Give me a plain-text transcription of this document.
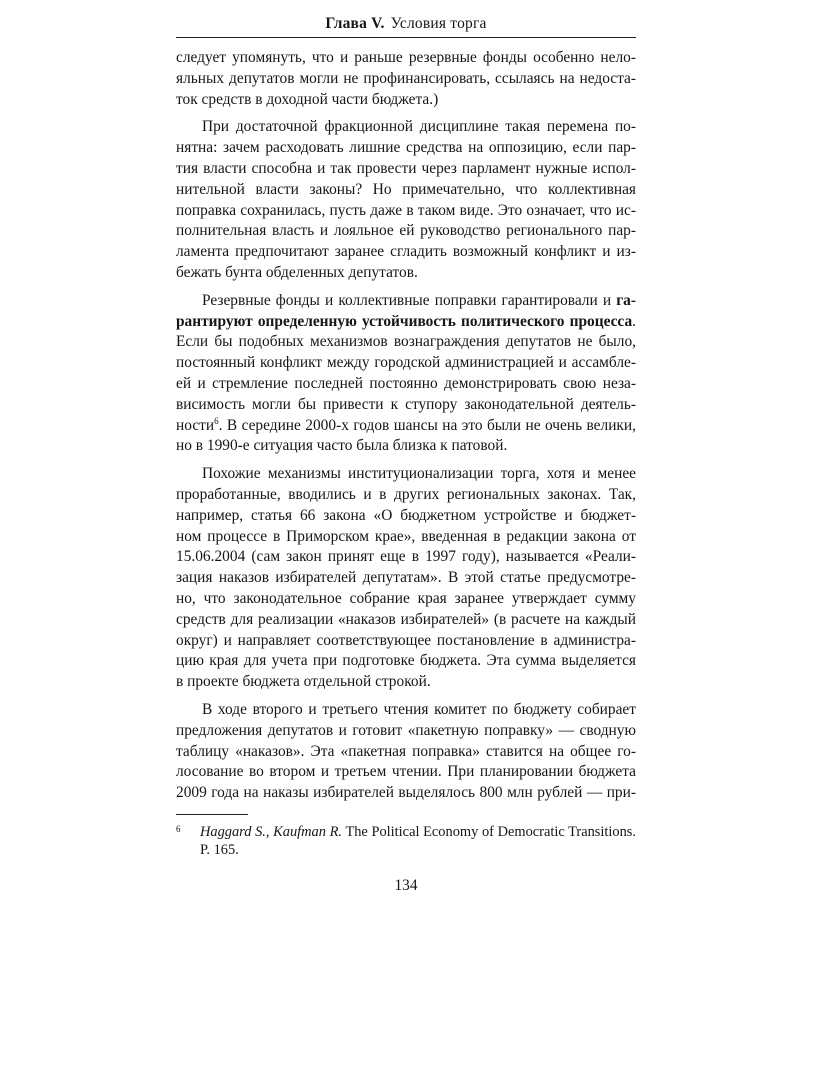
Глава V. Условия торга
следует упомянуть, что и раньше резервные фонды особенно нело-
яльных депутатов могли не профинансировать, ссылаясь на недоста-
ток средств в доходной части бюджета.)
При достаточной фракционной дисциплине такая перемена по-
нятна: зачем расходовать лишние средства на оппозицию, если пар-
тия власти способна и так провести через парламент нужные испол-
нительной власти законы? Но примечательно, что коллективная
поправка сохранилась, пусть даже в таком виде. Это означает, что ис-
полнительная власть и лояльное ей руководство регионального пар-
ламента предпочитают заранее сгладить возможный конфликт и из-
бежать бунта обделенных депутатов.
Резервные фонды и коллективные поправки гарантировали и га-
рантируют определенную устойчивость политического процесса.
Если бы подобных механизмов вознаграждения депутатов не было,
постоянный конфликт между городской администрацией и ассамбле-
ей и стремление последней постоянно демонстрировать свою неза-
висимость могли бы привести к ступору законодательной деятель-
ности$^6$. В середине 2000-х годов шансы на это были не очень велики,
но в 1990-е ситуация часто была близка к патовой.
Похожие механизмы институционализации торга, хотя и менее
проработанные, вводились и в других региональных законах. Так,
например, статья 66 закона «О бюджетном устройстве и бюджет-
ном процессе в Приморском крае», введенная в редакции закона от
15.06.2004 (сам закон принят еще в 1997 году), называется «Реали-
зация наказов избирателей депутатам». В этой статье предусмотре-
но, что законодательное собрание края заранее утверждает сумму
средств для реализации «наказов избирателей» (в расчете на каждый
округ) и направляет соответствующее постановление в администра-
цию края для учета при подготовке бюджета. Эта сумма выделяется
в проекте бюджета отдельной строкой.
В ходе второго и третьего чтения комитет по бюджету собирает
предложения депутатов и готовит «пакетную поправку» — сводную
таблицу «наказов». Эта «пакетная поправка» ставится на общее го-
лосование во втором и третьем чтении. При планировании бюджета
2009 года на наказы избирателей выделялось 800 млн рублей — при-
6	Haggard S., Kaufman R. The Political Economy of Democratic Transitions.
P. 165.
134
